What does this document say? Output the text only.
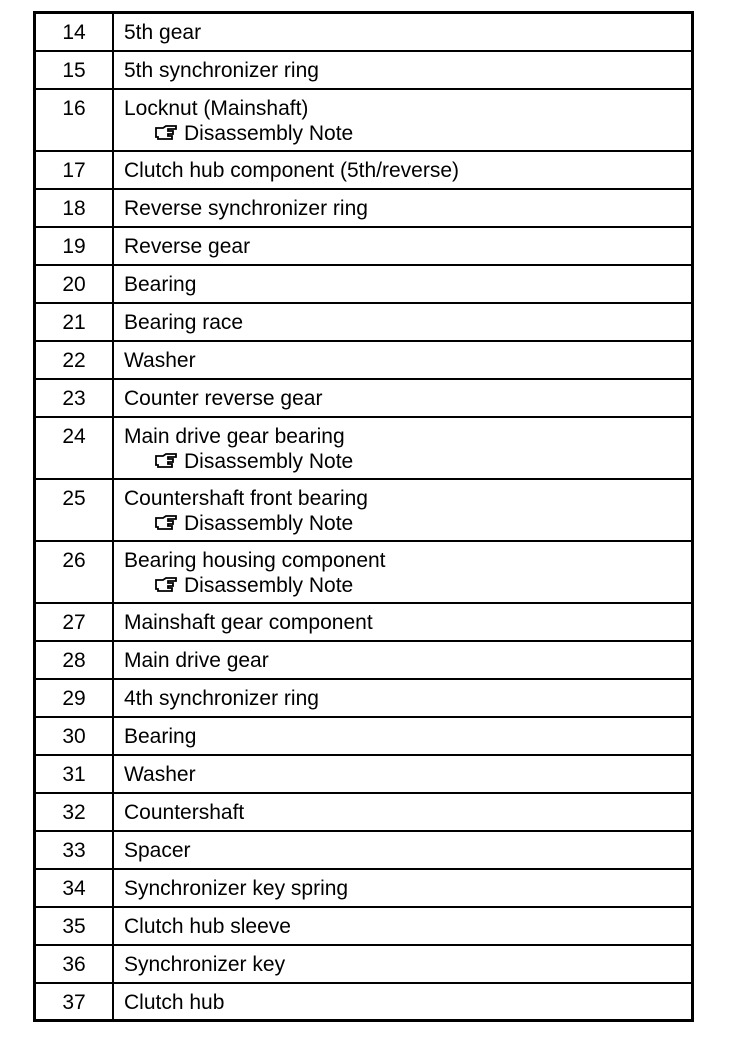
14	5th gear
15	5th synchronizer ring
16	Locknut (Mainshaft)
Disassembly Note

17	Clutch hub component (5th/reverse)
18	Reverse synchronizer ring
19	Reverse gear
20	Bearing
21	Bearing race
22	Washer
23	Counter reverse gear
24	Main drive gear bearing
Disassembly Note

25	Countershaft front bearing
Disassembly Note

26	Bearing housing component
Disassembly Note

27	Mainshaft gear component
28	Main drive gear
29	4th synchronizer ring
30	Bearing
31	Washer
32	Countershaft
33	Spacer
34	Synchronizer key spring
35	Clutch hub sleeve
36	Synchronizer key
37	Clutch hub
